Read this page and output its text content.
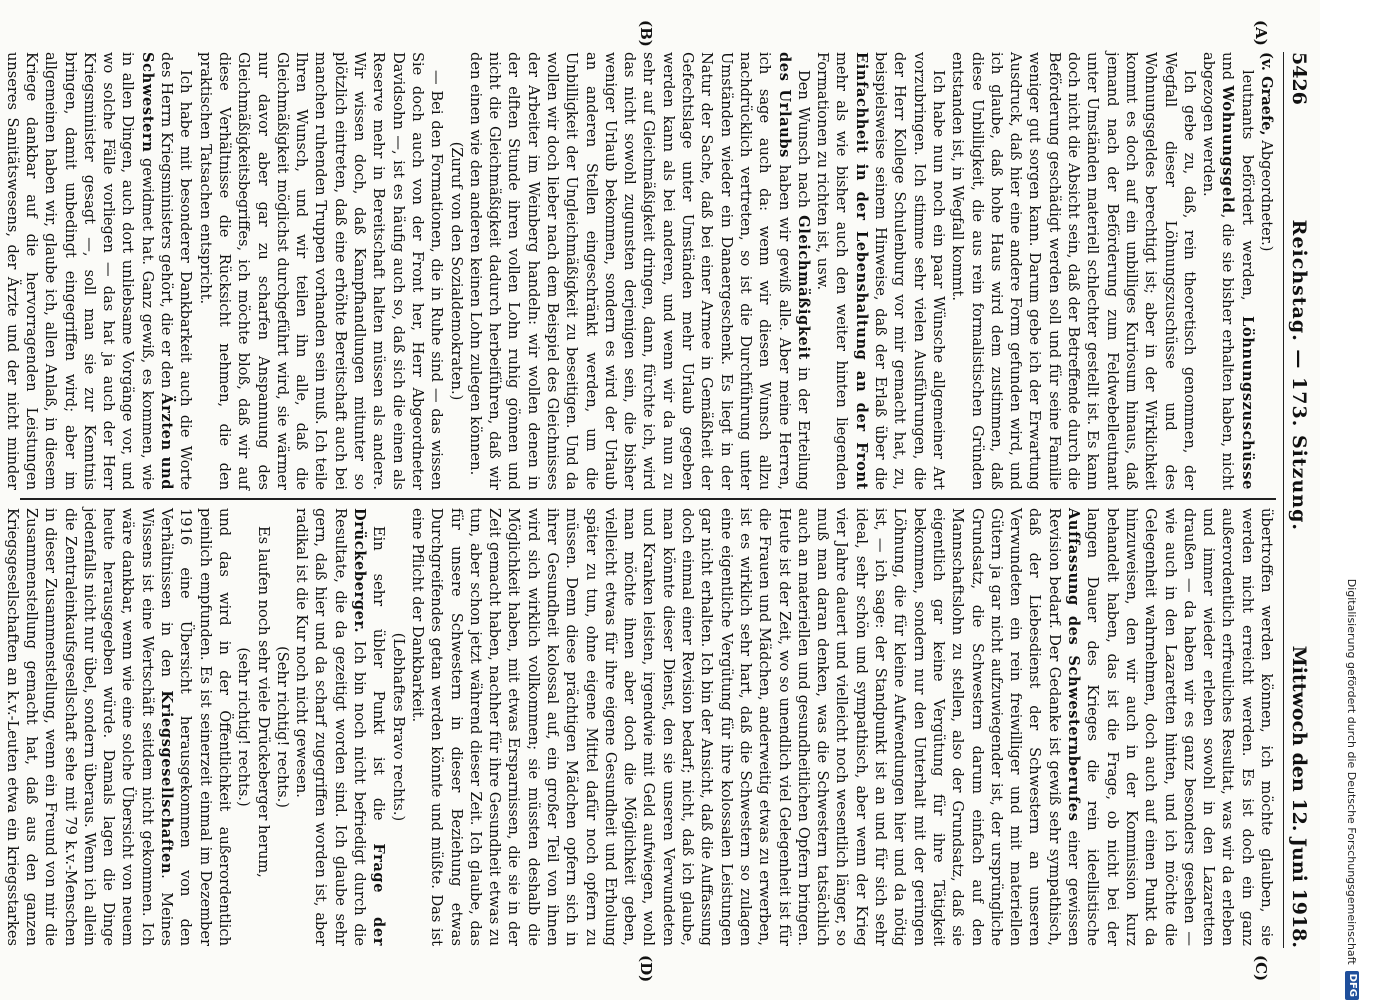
5426
Reichstag. — 173. Sitzung.
Mittwoch den 12. Juni 1918.
(A)
(B)
(C)
(D)

(v. Graefe, Abgeordneter.)

leutnants befördert werden, Löhnungszuschüsse und Wohnungsgeld, die sie bisher erhalten haben, nicht abgezogen werden.

Ich gebe zu, daß, rein theoretisch genommen, der Wegfall dieser Löhnungszuschüsse und des Wohnungsgeldes berechtigt ist; aber in der Wirklichkeit kommt es doch auf ein unbilliges Kuriosum hinaus, daß jemand nach der Beförderung zum Feldwebelleutnant unter Umständen materiell schlechter gestellt ist. Es kann doch nicht die Absicht sein, daß der Betreffende durch die Beförderung geschädigt werden soll und für seine Familie weniger gut sorgen kann. Darum gebe ich der Erwartung Ausdruck, daß hier eine andere Form gefunden wird, und ich glaube, daß hohe Haus wird dem zustimmen, daß diese Unbilligkeit, die aus rein formalistischen Gründen entstanden ist, in Wegfall kommt.

Ich habe nun noch ein paar Wünsche allgemeiner Art vorzubringen. Ich stimme sehr vielen Ausführungen, die der Herr Kollege Schulenburg vor mir gemacht hat, zu, beispielsweise seinem Hinweise, daß der Erlaß über die Einfachheit in der Lebenshaltung an der Front mehr als wie bisher auch den weiter hinten liegenden Formationen zu richten ist, usw.

Den Wunsch nach Gleichmäßigkeit in der Erteilung des Urlaubs haben wir gewiß alle. Aber meine Herren, ich sage auch da: wenn wir diesen Wunsch allzu nachdrücklich vertreten, so ist die Durchführung unter Umständen wieder ein Danaergeschenk. Es liegt in der Natur der Sache, daß bei einer Armee in Gemäßheit der Gefechtslage unter Umständen mehr Urlaub gegeben werden kann als bei anderen, und wenn wir da nun zu sehr auf Gleichmäßigkeit dringen, dann, fürchte ich, wird das nicht sowohl zugunsten derjenigen sein, die bisher weniger Urlaub bekommen, sondern es wird der Urlaub an anderen Stellen eingeschränkt werden, um die Unbilligkeit der Ungleichmäßigkeit zu beseitigen. Und da wollen wir doch lieber nach dem Beispiel des Gleichnisses der Arbeiter im Weinberg handeln: wir wollen denen in der elften Stunde ihren vollen Lohn ruhig gönnen und nicht die Gleichmäßigkeit dadurch herbeiführen, daß wir den einen wie den anderen keinen Lohn zulegen können.

(Zuruf von den Sozialdemokraten.)

— Bei den Formationen, die in Ruhe sind — das wissen Sie doch auch von der Front her, Herr Abgeordneter Davidsohn —, ist es häufig auch so, daß sich die einen als Reserve mehr in Bereitschaft halten müssen als andere. Wir wissen doch, daß Kampfhandlungen mitunter so plötzlich eintreten, daß eine erhöhte Bereitschaft auch bei manchen ruhenden Truppen vorhanden sein muß. Ich teile Ihren Wunsch, und wir teilen ihn alle, daß die Gleichmäßigkeit möglichst durchgeführt wird, sie wärmer nur davor aber gar zu scharfen Anspannung des Gleichmäßigkeitsbegriffes, ich möchte bloß, daß wir auf diese Verhältnisse die Rücksicht nehmen, die den praktischen Tatsachen entspricht.

Ich habe mit besonderer Dankbarkeit auch die Worte des Herrn Kriegsministers gehört, die er den Ärzten und Schwestern gewidmet hat. Ganz gewiß, es kommen, wie in allen Dingen, auch dort unliebsame Vorgänge vor, und wo solche Fälle vorliegen — das hat ja auch der Herr Kriegsminister gesagt —, soll man sie zur Kenntnis bringen, damit unbedingt eingegriffen wird; aber im allgemeinen haben wir, glaube ich, allen Anlaß, in diesem Kriege dankbar auf die hervorragenden Leistungen unseres Sanitätswesens, der Ärzte und der nicht minder

übertroffen werden können, ich möchte glauben, sie werden nicht erreicht werden. Es ist doch ein ganz außerordentlich erfreuliches Resultat, was wir da erleben und immer wieder erleben sowohl in den Lazaretten draußen — da haben wir es ganz besonders gesehen — wie auch in den Lazaretten hinten, und ich möchte die Gelegenheit wahrnehmen, doch auch auf einen Punkt da hinzuweisen, den wir auch in der Kommission kurz behandelt haben, das ist die Frage, ob nicht bei der langen Dauer des Krieges die rein ideellistische Auffassung des Schwesternberufes einer gewissen Revision bedarf. Der Gedanke ist gewiß sehr sympathisch, daß der Liebesdienst der Schwestern an unseren Verwundeten ein rein freiwilliger und mit materiellen Gütern ja gar nicht aufzuwiegender ist, der ursprüngliche Grundsatz, die Schwestern darum einfach auf den Mannschaftslohn zu stellen, also der Grundsatz, daß sie eigentlich gar keine Vergütung für ihre Tätigkeit bekommen, sondern nur den Unterhalt mit der geringen Löhnung, die für kleine Aufwendungen hier und da nötig ist, — ich sage: der Standpunkt ist an und für sich sehr ideal, sehr schön und sympathisch, aber wenn der Krieg vier Jahre dauert und vielleicht noch wesentlich länger, so muß man daran denken, was die Schwestern tatsächlich auch an materiellen und gesundheitlichen Opfern bringen. Heute ist der Zeit, wo so unendlich viel Gelegenheit ist für die Frauen und Mädchen, anderweitig etwas zu erwerben, ist es wirklich sehr hart, daß die Schwestern so zulagen eine eigentliche Vergütung für ihre kolossalen Leistungen gar nicht erhalten. Ich bin der Ansicht, daß die Auffassung doch einmal einer Revision bedarf; nicht, daß ich glaube, man könnte dieser Dienst, den sie unseren Verwundeten und Kranken leisten, irgendwie mit Geld aufwiegen, wohl man möchte ihnen aber doch die Möglichkeit geben, vielleicht etwas für ihre eigene Gesundheit und Erholung später zu tun, ohne eigene Mittel dafür noch opfern zu müssen. Denn diese prächtigen Mädchen opfern sich in ihrer Gesundheit kolossal auf, ein großer Teil von ihnen wird sich wirklich vollkommen; sie müssten deshalb die Möglichkeit haben, mit etwas Ersparnissen, die sie in der Zeit gemacht haben, nachher für ihre Gesundheit etwas zu tun, aber schon jetzt während dieser Zeit. Ich glaube, das für unsere Schwestern in dieser Beziehung etwas Durchgreifendes getan werden könnte und müßte. Das ist eine Pflicht der Dankbarkeit.

(Lebhaftes Bravo rechts.)

Ein sehr übler Punkt ist die Frage der Drückeberger. Ich bin noch nicht befriedigt durch die Resultate, die da gezeitigt worden sind. Ich glaube sehr gern, daß hier und da scharf zugegriffen worden ist, aber radikal ist die Kur noch nicht gewesen.

(Sehr richtig! rechts.)

Es laufen noch sehr viele Drückeberger herum,

(sehr richtig! rechts.)

und das wird in der Öffentlichkeit außerordentlich peinlich empfunden. Es ist seinerzeit einmal im Dezember 1916 eine Übersicht herausgekommen von den Verhältnissen in den Kriegsgesellschaften. Meines Wissens ist eine Wertschäft seitdem nicht gekommen. Ich wäre dankbar, wenn wie eine solche Übersicht von neuem heute herausgegeben würde. Damals lagen die Dinge jedenfalls nicht nur übel, sondern überaus. Wenn ich allein die Zentraleinkaufsgesellschaft sehe mit 79 k.v.-Menschen in dieser Zusammenstellung, wenn ein Freund von mir die Zusammenstellung gemacht hat, daß aus den ganzen Kriegsgesellschaften an k.v.-Leuten etwa ein kriegsstarkes	Digitalisierung gefördert durch die Deutsche Forschungsgemeinschaft
DFG
